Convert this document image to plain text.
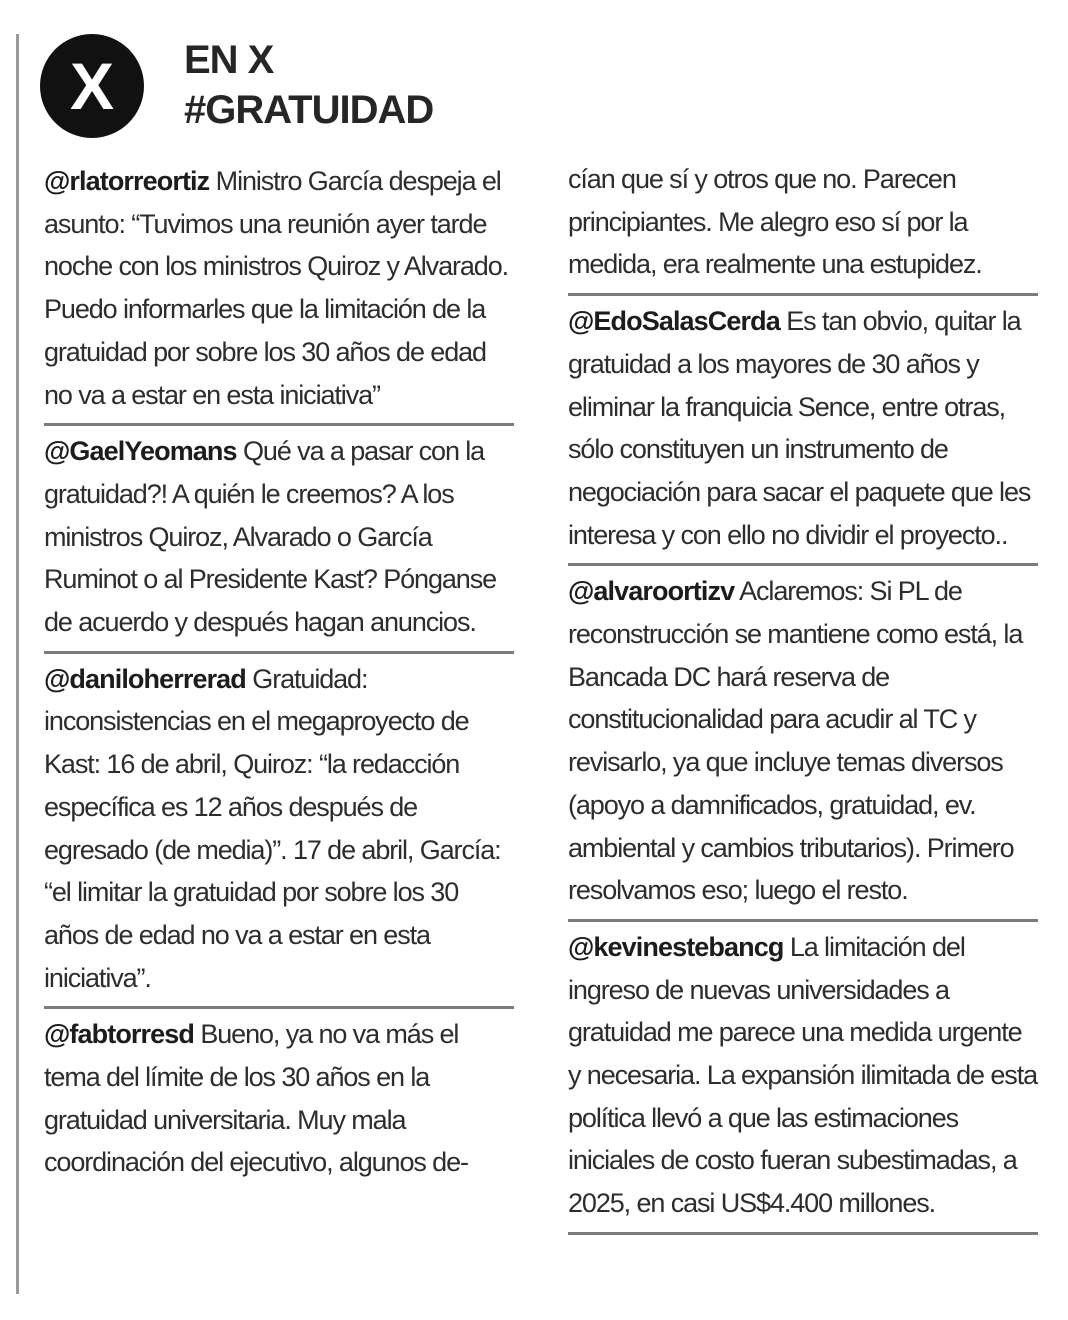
X EN X
#GRATUIDAD

@rlatorreortiz Ministro García despeja el asunto: “Tuvimos una reunión ayer tarde noche con los ministros Quiroz y Alvarado. Puedo informarles que la limitación de la gratuidad por sobre los 30 años de edad no va a estar en esta iniciativa”

@GaelYeomans Qué va a pasar con la gratuidad?! A quién le creemos? A los ministros Quiroz, Alvarado o García Ruminot o al Presidente Kast? Pónganse de acuerdo y después hagan anuncios.

@daniloherrerad Gratuidad: inconsistencias en el megaproyecto de Kast: 16 de abril, Quiroz: “la redacción específica es 12 años después de egresado (de media)”. 17 de abril, García: “el limitar la gratuidad por sobre los 30 años de edad no va a estar en esta iniciativa”.

@fabtorresd Bueno, ya no va más el tema del límite de los 30 años en la gratuidad universitaria. Muy mala coordinación del ejecutivo, algunos de-

cían que sí y otros que no. Parecen principiantes. Me alegro eso sí por la medida, era realmente una estupidez.

@EdoSalasCerda Es tan obvio, quitar la gratuidad a los mayores de 30 años y eliminar la franquicia Sence, entre otras, sólo constituyen un instrumento de negociación para sacar el paquete que les interesa y con ello no dividir el proyecto..

@alvaroortizv Aclaremos: Si PL de reconstrucción se mantiene como está, la Bancada DC hará reserva de constitucionalidad para acudir al TC y revisarlo, ya que incluye temas diversos (apoyo a damnificados, gratuidad, ev. ambiental y cambios tributarios). Primero resolvamos eso; luego el resto.

@kevinestebancg La limitación del ingreso de nuevas universidades a gratuidad me parece una medida urgente y necesaria. La expansión ilimitada de esta política llevó a que las estimaciones iniciales de costo fueran subestimadas, a 2025, en casi US$4.400 millones.
